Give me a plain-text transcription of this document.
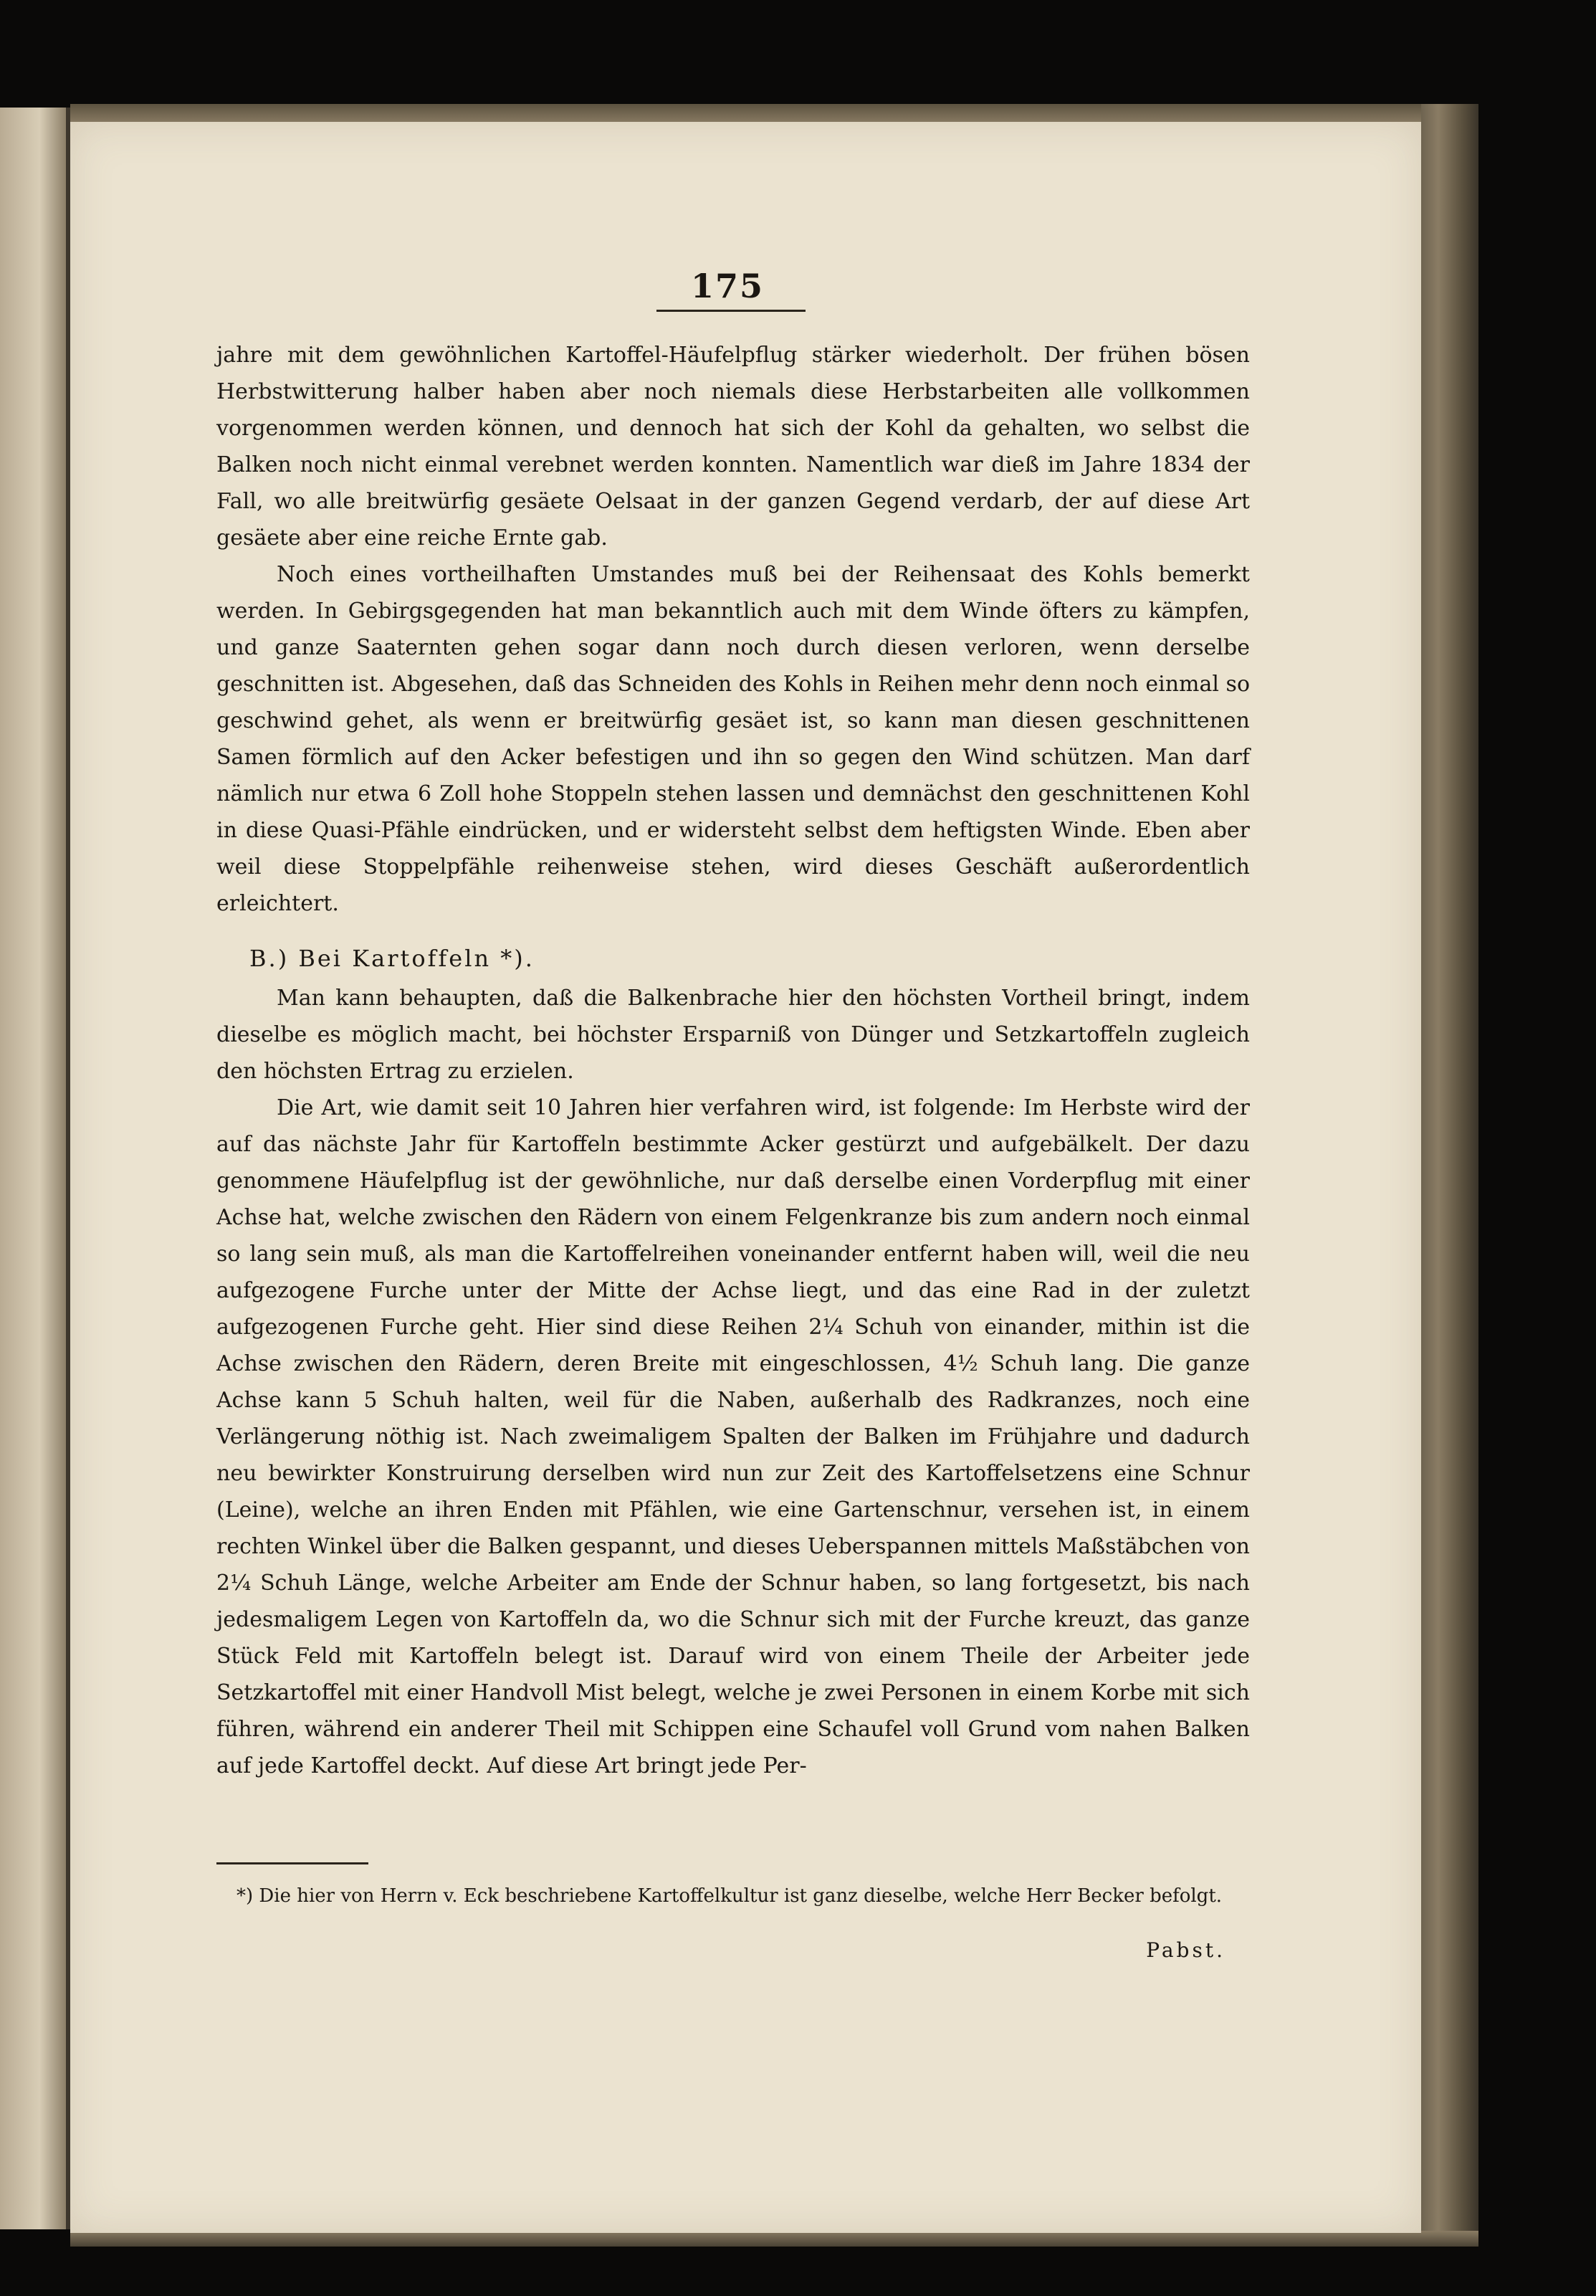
175

jahre mit dem gewöhnlichen Kartoffel-Häufelpflug stärker wiederholt. Der frühen bösen Herbstwitterung halber haben aber noch niemals diese Herbstarbeiten alle vollkommen vorgenommen werden können, und dennoch hat sich der Kohl da gehalten, wo selbst die Balken noch nicht einmal verebnet werden konnten. Namentlich war dieß im Jahre 1834 der Fall, wo alle breitwürfig gesäete Oelsaat in der ganzen Gegend verdarb, der auf diese Art gesäete aber eine reiche Ernte gab.

Noch eines vortheilhaften Umstandes muß bei der Reihensaat des Kohls bemerkt werden. In Gebirgsgegenden hat man bekanntlich auch mit dem Winde öfters zu kämpfen, und ganze Saaternten gehen sogar dann noch durch diesen verloren, wenn derselbe geschnitten ist. Abgesehen, daß das Schneiden des Kohls in Reihen mehr denn noch einmal so geschwind gehet, als wenn er breitwürfig gesäet ist, so kann man diesen geschnittenen Samen förmlich auf den Acker befestigen und ihn so gegen den Wind schützen. Man darf nämlich nur etwa 6 Zoll hohe Stoppeln stehen lassen und demnächst den geschnittenen Kohl in diese Quasi-Pfähle eindrücken, und er widersteht selbst dem heftigsten Winde. Eben aber weil diese Stoppelpfähle reihenweise stehen, wird dieses Geschäft außerordentlich erleichtert.

B.) Bei Kartoffeln *).

Man kann behaupten, daß die Balkenbrache hier den höchsten Vortheil bringt, indem dieselbe es möglich macht, bei höchster Ersparniß von Dünger und Setzkartoffeln zugleich den höchsten Ertrag zu erzielen.

Die Art, wie damit seit 10 Jahren hier verfahren wird, ist folgende: Im Herbste wird der auf das nächste Jahr für Kartoffeln bestimmte Acker gestürzt und aufgebälkelt. Der dazu genommene Häufelpflug ist der gewöhnliche, nur daß derselbe einen Vorderpflug mit einer Achse hat, welche zwischen den Rädern von einem Felgenkranze bis zum andern noch einmal so lang sein muß, als man die Kartoffelreihen voneinander entfernt haben will, weil die neu aufgezogene Furche unter der Mitte der Achse liegt, und das eine Rad in der zuletzt aufgezogenen Furche geht. Hier sind diese Reihen 2¼ Schuh von einander, mithin ist die Achse zwischen den Rädern, deren Breite mit eingeschlossen, 4½ Schuh lang. Die ganze Achse kann 5 Schuh halten, weil für die Naben, außerhalb des Radkranzes, noch eine Verlängerung nöthig ist. Nach zweimaligem Spalten der Balken im Frühjahre und dadurch neu bewirkter Konstruirung derselben wird nun zur Zeit des Kartoffelsetzens eine Schnur (Leine), welche an ihren Enden mit Pfählen, wie eine Gartenschnur, versehen ist, in einem rechten Winkel über die Balken gespannt, und dieses Ueberspannen mittels Maßstäbchen von 2¼ Schuh Länge, welche Arbeiter am Ende der Schnur haben, so lang fortgesetzt, bis nach jedesmaligem Legen von Kartoffeln da, wo die Schnur sich mit der Furche kreuzt, das ganze Stück Feld mit Kartoffeln belegt ist. Darauf wird von einem Theile der Arbeiter jede Setzkartoffel mit einer Handvoll Mist belegt, welche je zwei Personen in einem Korbe mit sich führen, während ein anderer Theil mit Schippen eine Schaufel voll Grund vom nahen Balken auf jede Kartoffel deckt. Auf diese Art bringt jede Per-

*) Die hier von Herrn v. Eck beschriebene Kartoffelkultur ist ganz dieselbe, welche Herr Becker befolgt.
Pabst.
